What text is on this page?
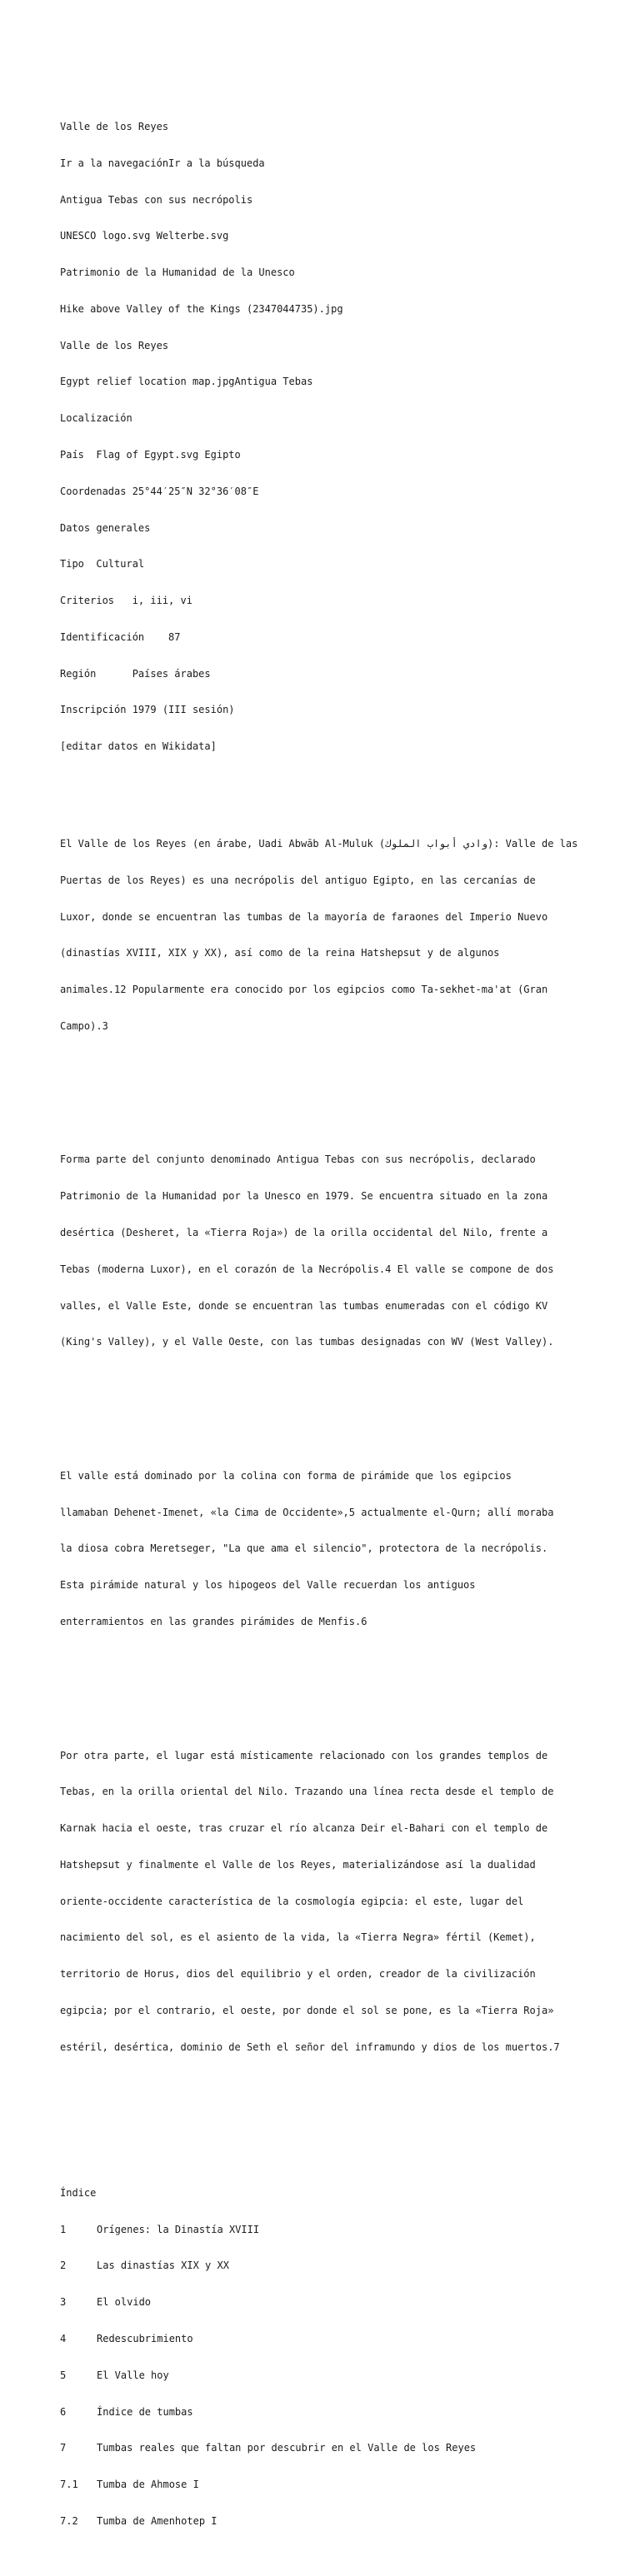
Valle de los Reyes

Ir a la navegaciónIr a la búsqueda

Antigua Tebas con sus necrópolis

UNESCO logo.svg Welterbe.svg

Patrimonio de la Humanidad de la Unesco

Hike above Valley of the Kings (2347044735).jpg

Valle de los Reyes

Egypt relief location map.jpgAntigua Tebas

Localización

País  Flag of Egypt.svg Egipto

Coordenadas 25°44′25″N 32°36′08″E

Datos generales

Tipo  Cultural

Criterios   i, iii, vi

Identificación    87

Región      Países árabes

Inscripción 1979 (III sesión)

[editar datos en Wikidata]

El Valle de los Reyes (en árabe, Uadi Abwāb Al-Muluk (وادي أبواب الملوك): Valle de las

Puertas de los Reyes) es una necrópolis del antiguo Egipto, en las cercanías de

Luxor, donde se encuentran las tumbas de la mayoría de faraones del Imperio Nuevo

(dinastías XVIII, XIX y XX), así como de la reina Hatshepsut y de algunos

animales.12 Popularmente era conocido por los egipcios como Ta-sekhet-ma'at (Gran

Campo).3

Forma parte del conjunto denominado Antigua Tebas con sus necrópolis, declarado

Patrimonio de la Humanidad por la Unesco en 1979. Se encuentra situado en la zona

desértica (Desheret, la «Tierra Roja») de la orilla occidental del Nilo, frente a

Tebas (moderna Luxor), en el corazón de la Necrópolis.4 El valle se compone de dos

valles, el Valle Este, donde se encuentran las tumbas enumeradas con el código KV

(King's Valley), y el Valle Oeste, con las tumbas designadas con WV (West Valley).

El valle está dominado por la colina con forma de pirámide que los egipcios

llamaban Dehenet-Imenet, «la Cima de Occidente»,5 actualmente el-Qurn; allí moraba

la diosa cobra Meretseger, "La que ama el silencio", protectora de la necrópolis.

Esta pirámide natural y los hipogeos del Valle recuerdan los antiguos

enterramientos en las grandes pirámides de Menfis.6

Por otra parte, el lugar está místicamente relacionado con los grandes templos de

Tebas, en la orilla oriental del Nilo. Trazando una línea recta desde el templo de

Karnak hacia el oeste, tras cruzar el río alcanza Deir el-Bahari con el templo de

Hatshepsut y finalmente el Valle de los Reyes, materializándose así la dualidad

oriente-occidente característica de la cosmología egipcia: el este, lugar del

nacimiento del sol, es el asiento de la vida, la «Tierra Negra» fértil (Kemet),

territorio de Horus, dios del equilibrio y el orden, creador de la civilización

egipcia; por el contrario, el oeste, por donde el sol se pone, es la «Tierra Roja»

estéril, desértica, dominio de Seth el señor del inframundo y dios de los muertos.7

Índice

1	Orígenes: la Dinastía XVIII

2	Las dinastías XIX y XX

3	El olvido

4	Redescubrimiento

5	El Valle hoy

6	Índice de tumbas

7	Tumbas reales que faltan por descubrir en el Valle de los Reyes

7.1	Tumba de Ahmose I

7.2	Tumba de Amenhotep I
